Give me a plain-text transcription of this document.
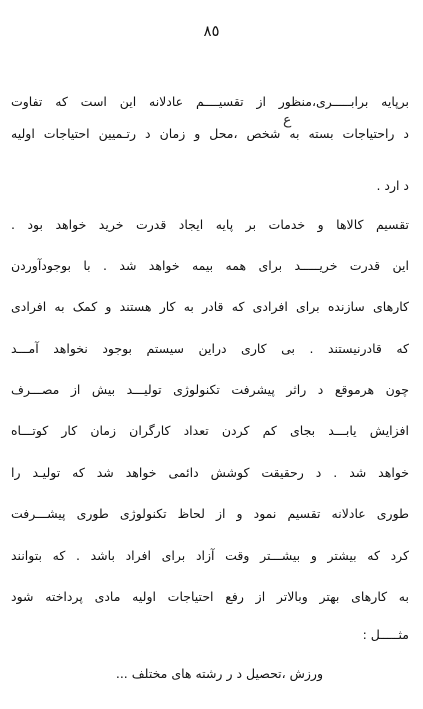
٨٥
ع
برپایه برابـــــری،منظور از تقسیــــم عادلانه این است که تفاوت
د راحتیاجات بسته به شخص ،محل و زمان د رتـمیین احتیاجات اولیه
د ارد .
تقسیم کالاها و خدمات بر پایه ایجاد قدرت خرید خواهد بود .
این قدرت خریـــــد برای همه بیمه خواهد شد . با بوجودآوردن
کارهای سازنده برای افرادی که قادر به کار هستند و کمک به افرادی
که قادرنیستند . بی کاری دراین سیستم بوجود نخواهد آمـــد
چون هرموقع د راثر پیشرفت تکنولوژی تولیـــد بیش از مصـــرف
افزایش یابـــد بجای کم کردن تعداد کارگران زمان کار کوتـــاه
خواهد شد . د رحقیقت کوشش دائمی خواهد شد که تولیـد را
طوری عادلانه تقسیم نمود و از لحاظ تکنولوژی طوری پیشـــرفت
کرد که بیشتر و بیشـــتر وقت آزاد برای افراد باشد . که بتوانند
به کارهای بهتر وبالاتر از رفع احتیاجات اولیه مادی پرداخته شود
مثـــــل :
ورزش ،تحصیل د ر رشته های مختلف ...
